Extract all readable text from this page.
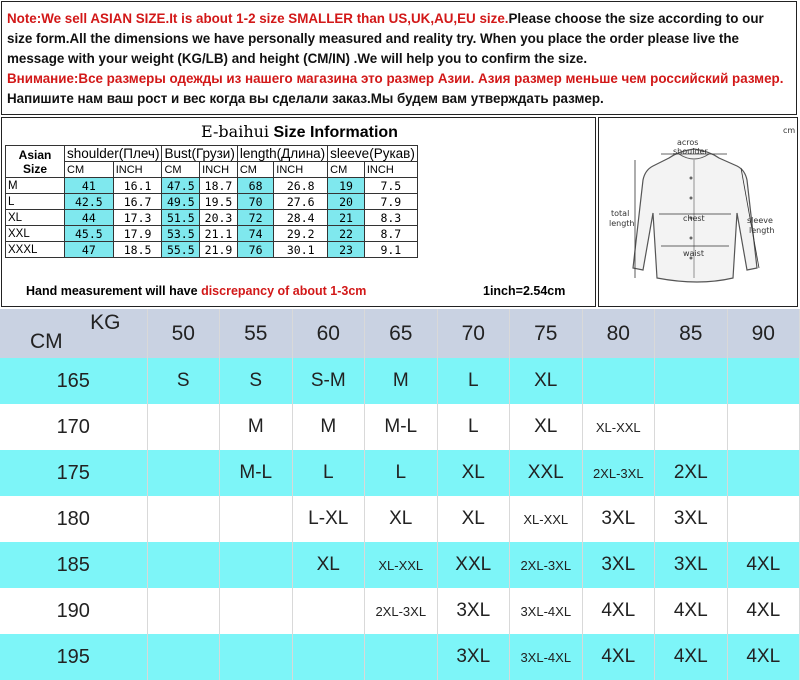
Note:We sell ASIAN SIZE.It is about 1-2 size SMALLER than US,UK,AU,EU size.Please choose the size according to our size form.All the dimensions we have personally measured and reality try. When you place the order please live the message with your weight (KG/LB) and height (CM/IN) .We will help you to confirm the size.
Внимание:Все размеры одежды из нашего магазина это размер Азии. Азия размер меньше чем российский размер. Напишите нам ваш рост и вес когда вы сделали заказ.Мы будем вам утверждать размер.
E-baihui Size Information
Asian Size	shoulder(Плеч)		Bust(Грузи)		length(Длина)		sleeve(Рукав)	
	CM	INCH	CM	INCH	CM	INCH	CM	INCH
M	41	16.1	47.5	18.7	68	26.8	19	7.5
L	42.5	16.7	49.5	19.5	70	27.6	20	7.9
XL	44	17.3	51.5	20.3	72	28.4	21	8.3
XXL	45.5	17.9	53.5	21.1	74	29.2	22	8.7
XXXL	47	18.5	55.5	21.9	76	30.1	23	9.1
Hand measurement will have discrepancy of about 1-3cm	1inch=2.54cm
acros
shoulder
total
length
chest	sleeve
length
waist
cm
KG
CM	50	55	60	65	70	75	80	85	90
165	S	S	S-M	M	L	XL			
170		M	M	M-L	L	XL	XL-XXL		
175		M-L	L	L	XL	XXL	2XL-3XL	2XL	
180			L-XL	XL	XL	XL-XXL	3XL	3XL	
185			XL	XL-XXL	XXL	2XL-3XL	3XL	3XL	4XL
190				2XL-3XL	3XL	3XL-4XL	4XL	4XL	4XL
195					3XL	3XL-4XL	4XL	4XL	4XL
